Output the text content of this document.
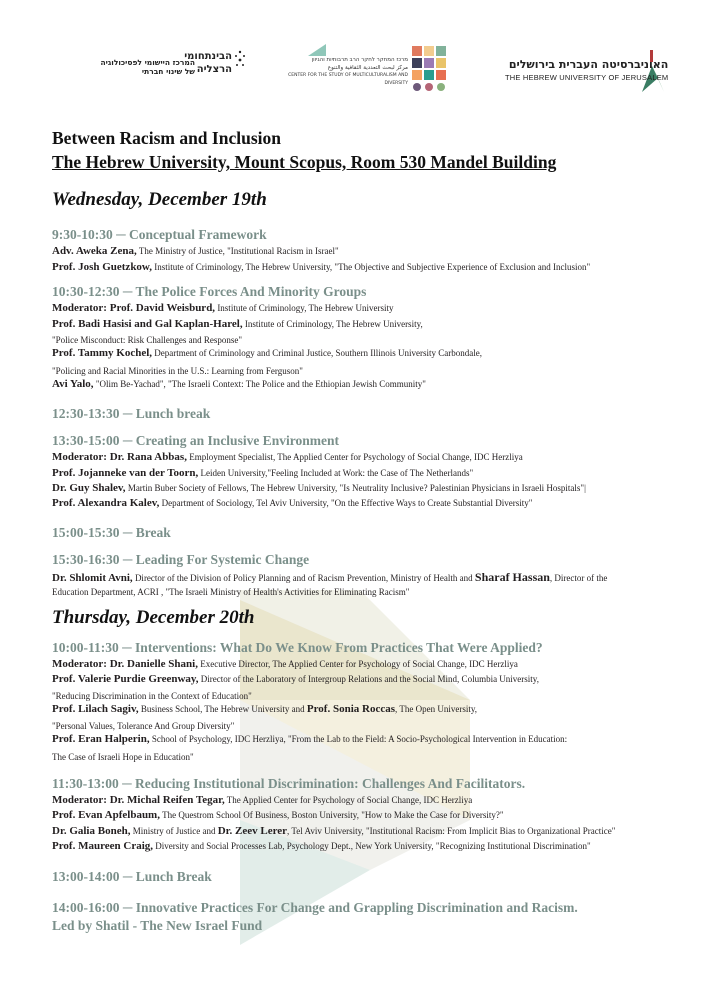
האוניברסיטה העברית בירושלים
THE HEBREW UNIVERSITY OF JERUSALEM
מרכז המחקר לחקר הרב תרבותיות והגיוון
مركز لبحث التعددية الثقافية والتنوع
CENTER FOR THE STUDY OF MULTICULTURALISM AND DIVERSITY
הבינתחומי
הרצליה
המרכז היישומי לפסיכולוגיה
של שינוי חברתי
Between Racism and Inclusion
The Hebrew University, Mount Scopus, Room 530 Mandel Building
Wednesday, December 19th
9:30-10:30 ─ Conceptual Framework
Adv. Aweka Zena, The Ministry of Justice, "Institutional Racism in Israel"
Prof. Josh Guetzkow, Institute of Criminology, The Hebrew University, "The Objective and Subjective Experience of Exclusion and Inclusion"
10:30-12:30 ─ The Police Forces And Minority Groups
Moderator: Prof. David Weisburd, Institute of Criminology, The Hebrew University
Prof. Badi Hasisi and Gal Kaplan-Harel, Institute of Criminology, The Hebrew University,
"Police Misconduct: Risk Challenges and Response"
Prof. Tammy Kochel, Department of Criminology and Criminal Justice, Southern Illinois University Carbondale,
"Policing and Racial Minorities in the U.S.: Learning from Ferguson"
Avi Yalo, "Olim Be-Yachad", "The Israeli Context: The Police and the Ethiopian Jewish Community"
12:30-13:30 ─ Lunch break
13:30-15:00 ─ Creating an Inclusive Environment
Moderator: Dr. Rana Abbas, Employment Specialist, The Applied Center for Psychology of Social Change, IDC Herzliya
Prof. Jojanneke van der Toorn, Leiden University,"Feeling Included at Work: the Case of The Netherlands"
Dr. Guy Shalev, Martin Buber Society of Fellows, The Hebrew University, "Is Neutrality Inclusive? Palestinian Physicians in Israeli Hospitals"|
Prof. Alexandra Kalev, Department of Sociology, Tel Aviv University, "On the Effective Ways to Create Substantial Diversity"
15:00-15:30 ─ Break
15:30-16:30 ─ Leading For Systemic Change
Dr. Shlomit Avni, Director of the Division of Policy Planning and of Racism Prevention, Ministry of Health and Sharaf Hassan, Director of the
Education Department, ACRI , "The Israeli Ministry of Health's Activities for Eliminating Racism"
Thursday, December 20th
10:00-11:30 ─ Interventions: What Do We Know From Practices That Were Applied?
Moderator: Dr. Danielle Shani, Executive Director, The Applied Center for Psychology of Social Change, IDC Herzliya
Prof. Valerie Purdie Greenway, Director of the Laboratory of Intergroup Relations and the Social Mind, Columbia University,
"Reducing Discrimination in the Context of Education"
Prof. Lilach Sagiv, Business School, The Hebrew University and Prof. Sonia Roccas, The Open University,
"Personal Values, Tolerance And Group Diversity"
Prof. Eran Halperin, School of Psychology, IDC Herzliya, "From the Lab to the Field: A Socio-Psychological Intervention in Education:
The Case of Israeli Hope in Education"
11:30-13:00 ─ Reducing Institutional Discrimination: Challenges And Facilitators.
Moderator: Dr. Michal Reifen Tegar, The Applied Center for Psychology of Social Change, IDC Herzliya
Prof. Evan Apfelbaum, The Questrom School Of Business, Boston University, "How to Make the Case for Diversity?"
Dr. Galia Boneh, Ministry of Justice and Dr. Zeev Lerer, Tel Aviv University, "Institutional Racism: From Implicit Bias to Organizational Practice"
Prof. Maureen Craig, Diversity and Social Processes Lab, Psychology Dept., New York University, "Recognizing Institutional Discrimination"
13:00-14:00 ─ Lunch Break
14:00-16:00 ─ Innovative Practices For Change and Grappling Discrimination and Racism.
Led by Shatil - The New Israel Fund
